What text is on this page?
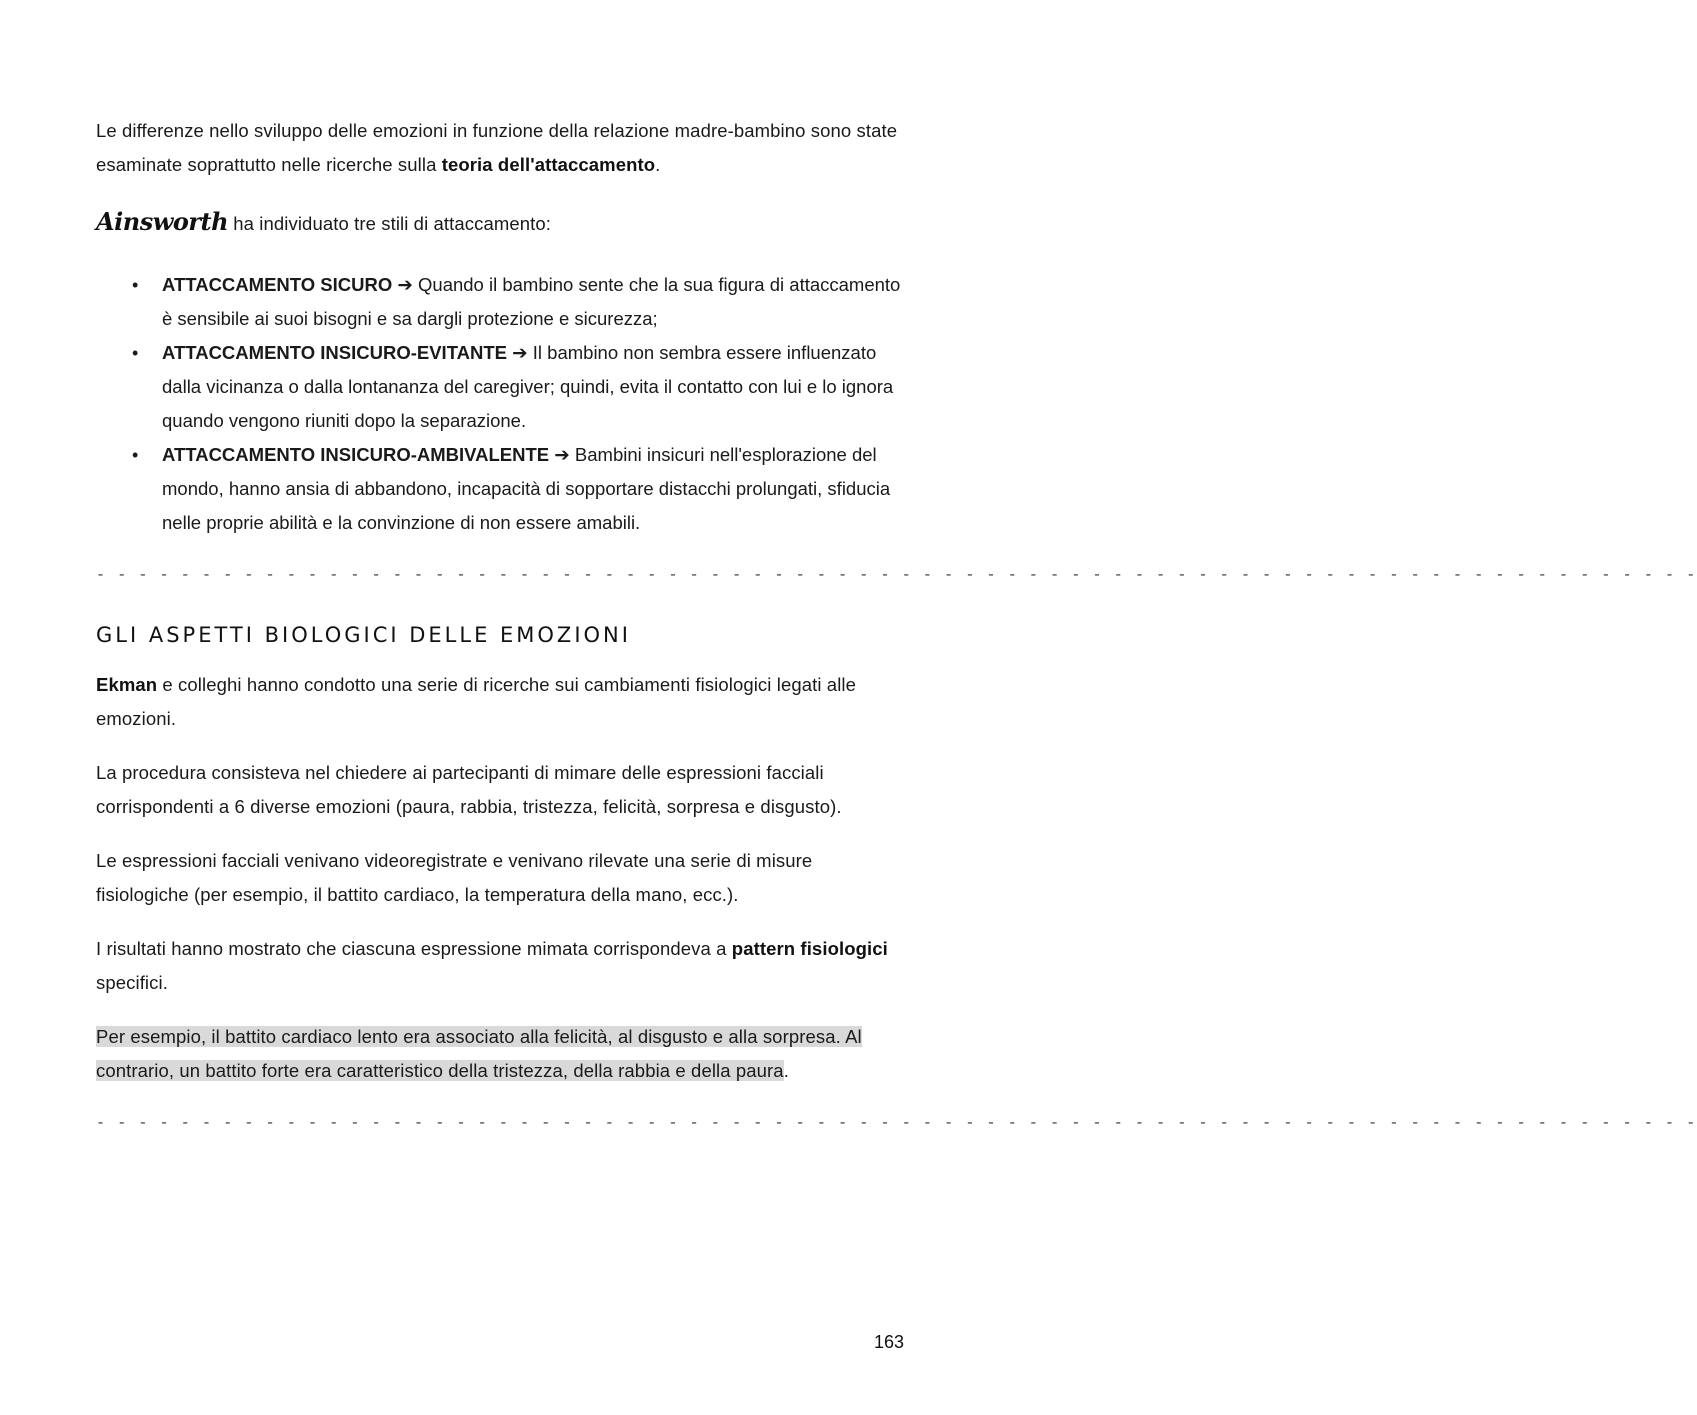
Le differenze nello sviluppo delle emozioni in funzione della relazione madre-bambino sono state esaminate soprattutto nelle ricerche sulla teoria dell'attaccamento.

Ainsworth ha individuato tre stili di attaccamento:

• ATTACCAMENTO SICURO ➔ Quando il bambino sente che la sua figura di attaccamento è sensibile ai suoi bisogni e sa dargli protezione e sicurezza;
• ATTACCAMENTO INSICURO-EVITANTE ➔ Il bambino non sembra essere influenzato dalla vicinanza o dalla lontananza del caregiver; quindi, evita il contatto con lui e lo ignora quando vengono riuniti dopo la separazione.
• ATTACCAMENTO INSICURO-AMBIVALENTE ➔ Bambini insicuri nell'esplorazione del mondo, hanno ansia di abbandono, incapacità di sopportare distacchi prolungati, sfiducia nelle proprie abilità e la convinzione di non essere amabili.
- - - - - - - - - - - - - - - - - - - - - - - - - - - - - - - - - - - - - - - - - - - - - - - - - - - - - - - - - - - - - - - - - - - - - - - - - - - -
GLI ASPETTI BIOLOGICI DELLE EMOZIONI

Ekman e colleghi hanno condotto una serie di ricerche sui cambiamenti fisiologici legati alle emozioni.

La procedura consisteva nel chiedere ai partecipanti di mimare delle espressioni facciali corrispondenti a 6 diverse emozioni (paura, rabbia, tristezza, felicità, sorpresa e disgusto).

Le espressioni facciali venivano videoregistrate e venivano rilevate una serie di misure fisiologiche (per esempio, il battito cardiaco, la temperatura della mano, ecc.).

I risultati hanno mostrato che ciascuna espressione mimata corrispondeva a pattern fisiologici specifici.

Per esempio, il battito cardiaco lento era associato alla felicità, al disgusto e alla sorpresa. Al contrario, un battito forte era caratteristico della tristezza, della rabbia e della paura.

- - - - - - - - - - - - - - - - - - - - - - - - - - - - - - - - - - - - - - - - - - - - - - - - - - - - - - - - - - - - - - - - - - - - - - - - - - - -
163
